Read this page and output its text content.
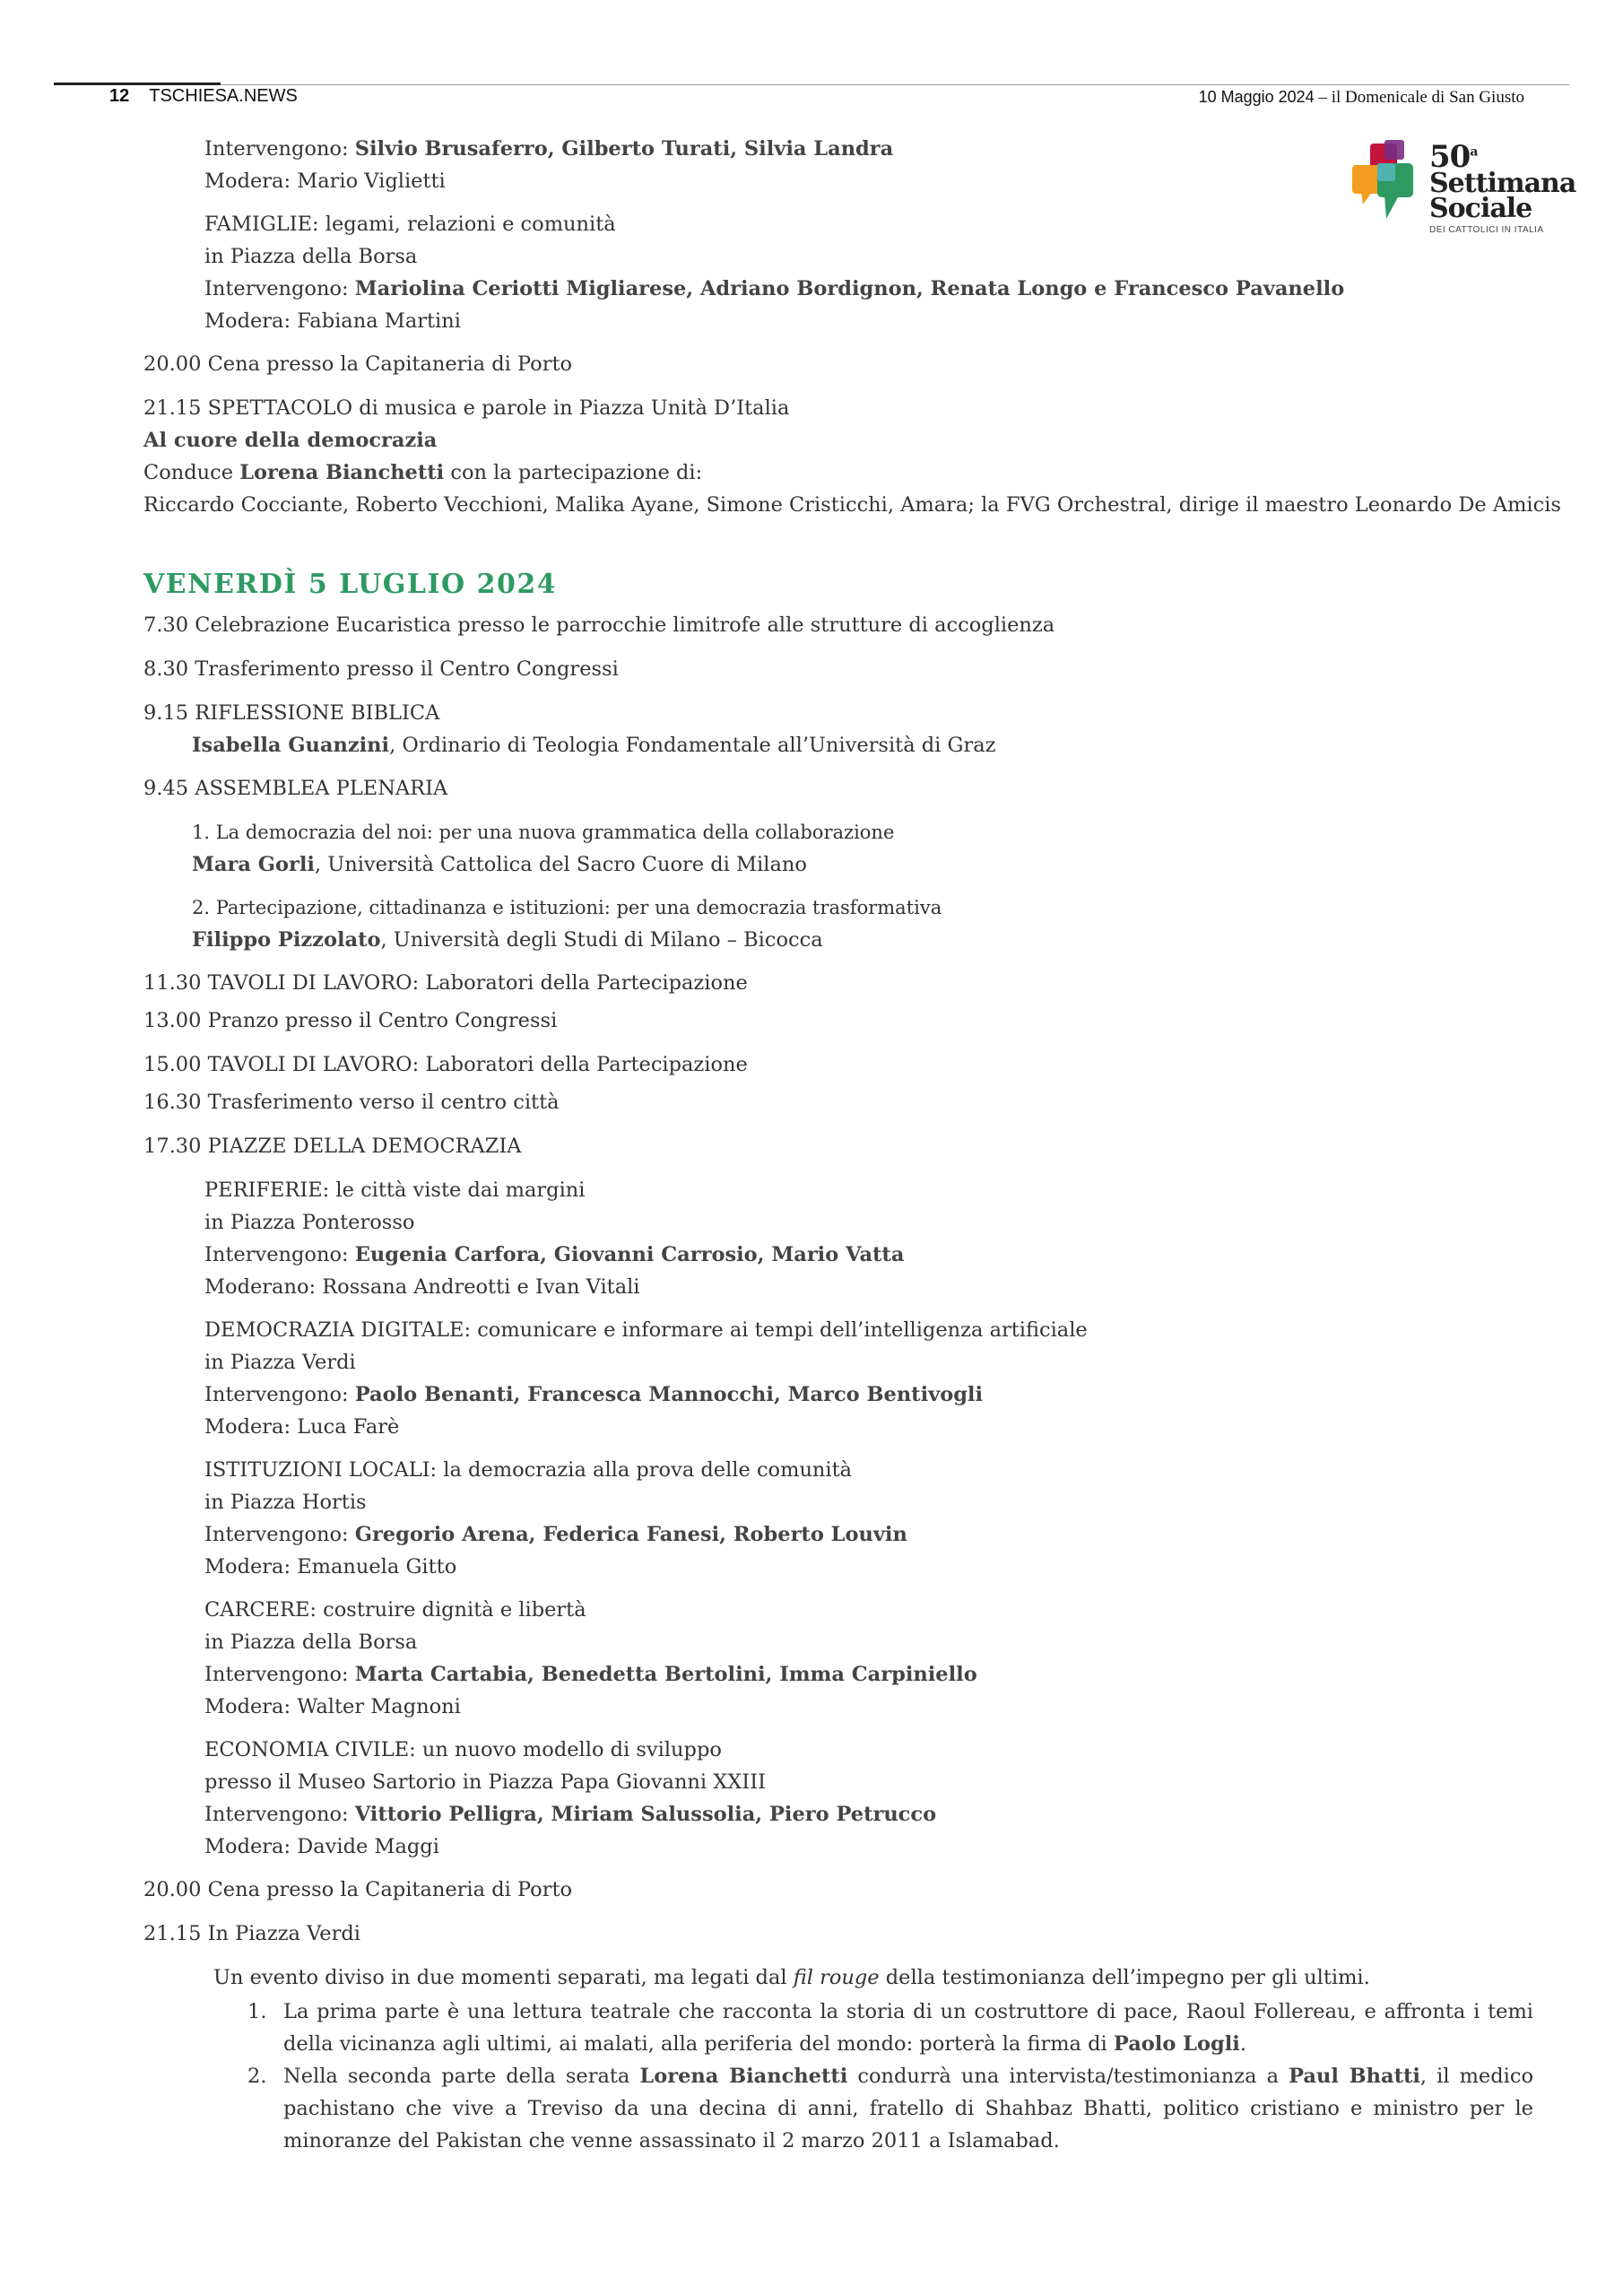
12 TSCHIESA.NEWS	10 Maggio 2024 – il Domenicale di San Giusto
50$^a$
Settimana
Sociale
DEI CATTOLICI IN ITALIA
Intervengono: Silvio Brusaferro, Gilberto Turati, Silvia Landra
Modera: Mario Viglietti
FAMIGLIE: legami, relazioni e comunità
in Piazza della Borsa
Intervengono: Mariolina Ceriotti Migliarese, Adriano Bordignon, Renata Longo e Francesco Pavanello
Modera: Fabiana Martini
20.00 Cena presso la Capitaneria di Porto
21.15 SPETTACOLO di musica e parole in Piazza Unità D’Italia
Al cuore della democrazia
Conduce Lorena Bianchetti con la partecipazione di:
Riccardo Cocciante, Roberto Vecchioni, Malika Ayane, Simone Cristicchi, Amara; la FVG Orchestral, dirige il maestro Leonardo De Amicis
VENERDÌ 5 LUGLIO 2024
7.30 Celebrazione Eucaristica presso le parrocchie limitrofe alle strutture di accoglienza
8.30 Trasferimento presso il Centro Congressi
9.15 RIFLESSIONE BIBLICA
Isabella Guanzini, Ordinario di Teologia Fondamentale all’Università di Graz
9.45 ASSEMBLEA PLENARIA
1. La democrazia del noi: per una nuova grammatica della collaborazione
Mara Gorli, Università Cattolica del Sacro Cuore di Milano
2. Partecipazione, cittadinanza e istituzioni: per una democrazia trasformativa
Filippo Pizzolato, Università degli Studi di Milano – Bicocca
11.30 TAVOLI DI LAVORO: Laboratori della Partecipazione
13.00 Pranzo presso il Centro Congressi
15.00 TAVOLI DI LAVORO: Laboratori della Partecipazione
16.30 Trasferimento verso il centro città
17.30 PIAZZE DELLA DEMOCRAZIA
PERIFERIE: le città viste dai margini
in Piazza Ponterosso
Intervengono: Eugenia Carfora, Giovanni Carrosio, Mario Vatta
Moderano: Rossana Andreotti e Ivan Vitali
DEMOCRAZIA DIGITALE: comunicare e informare ai tempi dell’intelligenza artificiale
in Piazza Verdi
Intervengono: Paolo Benanti, Francesca Mannocchi, Marco Bentivogli
Modera: Luca Farè
ISTITUZIONI LOCALI: la democrazia alla prova delle comunità
in Piazza Hortis
Intervengono: Gregorio Arena, Federica Fanesi, Roberto Louvin
Modera: Emanuela Gitto
CARCERE: costruire dignità e libertà
in Piazza della Borsa
Intervengono: Marta Cartabia, Benedetta Bertolini, Imma Carpiniello
Modera: Walter Magnoni
ECONOMIA CIVILE: un nuovo modello di sviluppo
presso il Museo Sartorio in Piazza Papa Giovanni XXIII
Intervengono: Vittorio Pelligra, Miriam Salussolia, Piero Petrucco
Modera: Davide Maggi
20.00 Cena presso la Capitaneria di Porto
21.15 In Piazza Verdi
Un evento diviso in due momenti separati, ma legati dal fil rouge della testimonianza dell’impegno per gli ultimi.
1. La prima parte è una lettura teatrale che racconta la storia di un costruttore di pace, Raoul Follereau, e affronta i temi della vicinanza agli ultimi, ai malati, alla periferia del mondo: porterà la firma di Paolo Logli.
2. Nella seconda parte della serata Lorena Bianchetti condurrà una intervista/testimonianza a Paul Bhatti, il medico pachistano che vive a Treviso da una decina di anni, fratello di Shahbaz Bhatti, politico cristiano e ministro per le minoranze del Pakistan che venne assassinato il 2 marzo 2011 a Islamabad.
